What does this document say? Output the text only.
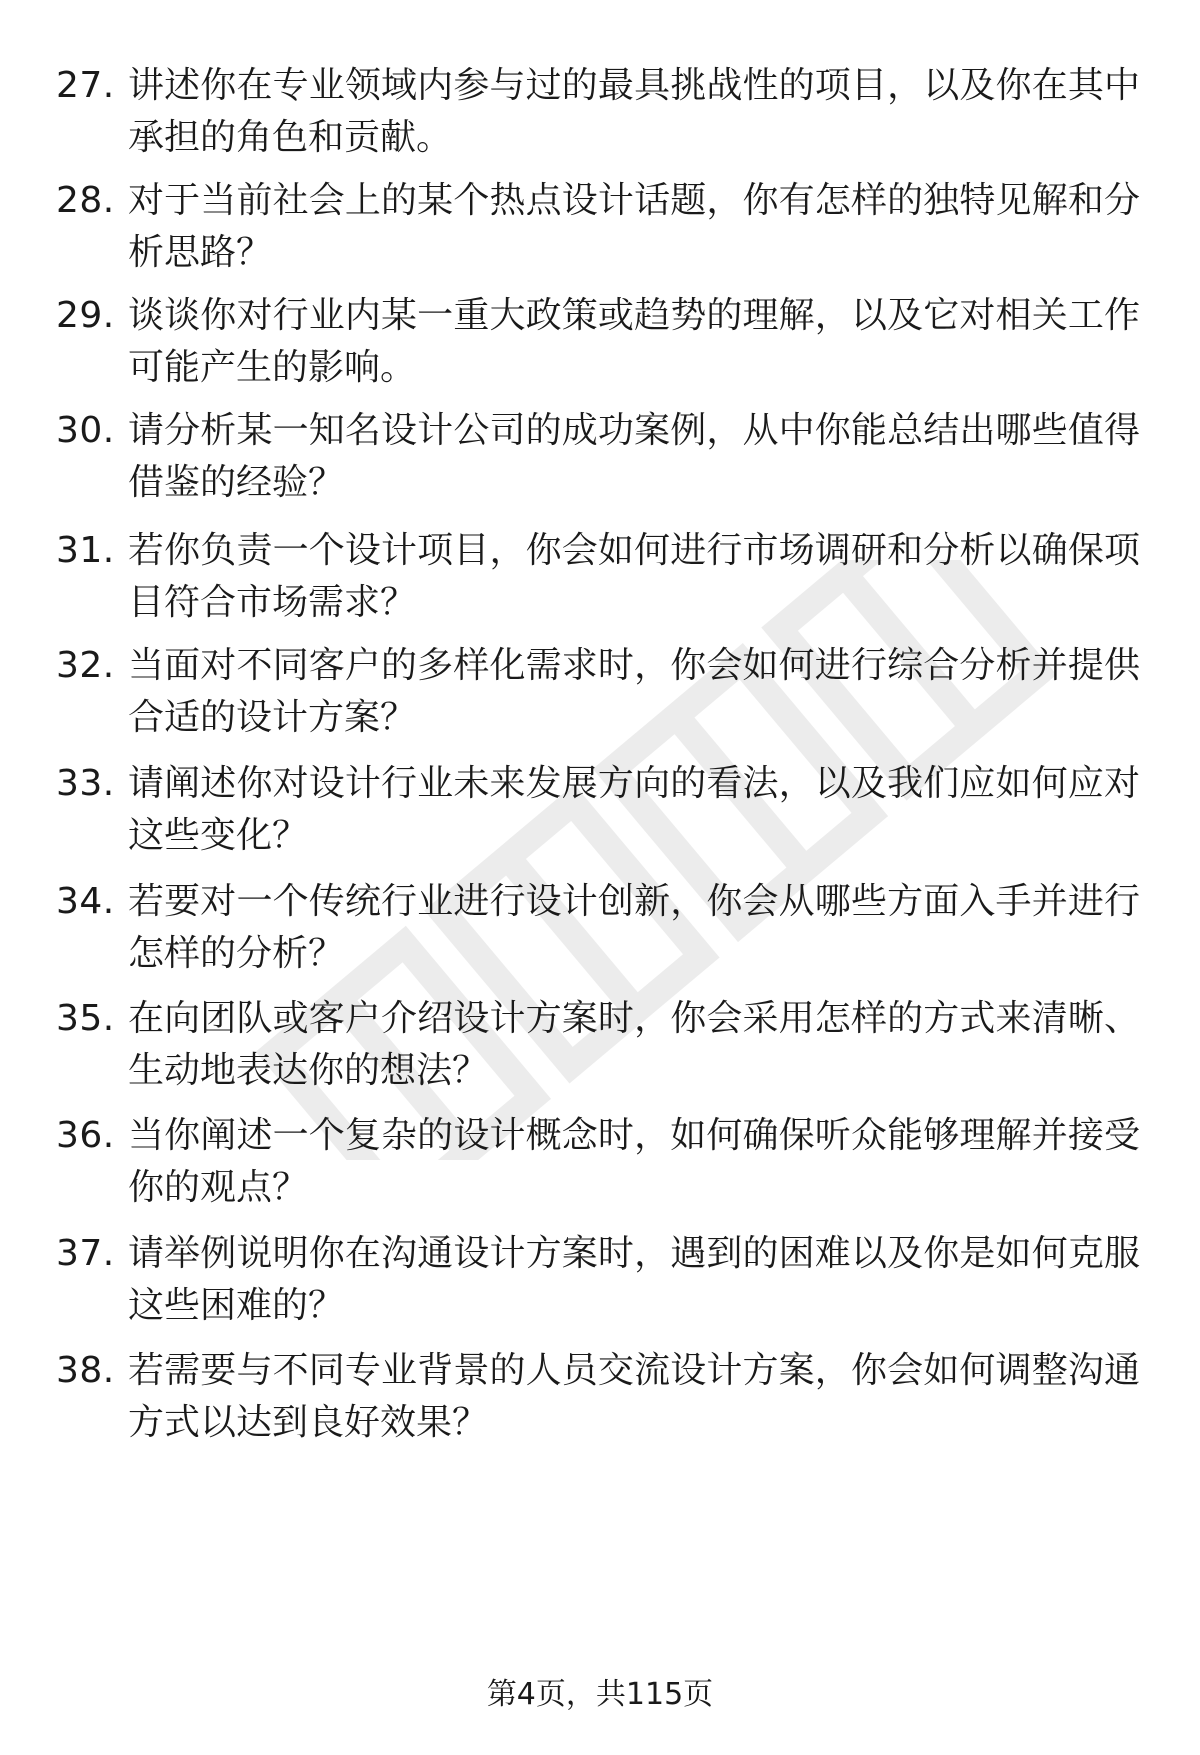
27. 讲述你在专业领域内参与过的最具挑战性的项目，以及你在其中承担的角色和贡献。
28. 对于当前社会上的某个热点设计话题，你有怎样的独特见解和分析思路？
29. 谈谈你对行业内某一重大政策或趋势的理解，以及它对相关工作可能产生的影响。
30. 请分析某一知名设计公司的成功案例，从中你能总结出哪些值得借鉴的经验？
31. 若你负责一个设计项目，你会如何进行市场调研和分析以确保项目符合市场需求？
32. 当面对不同客户的多样化需求时，你会如何进行综合分析并提供合适的设计方案？
33. 请阐述你对设计行业未来发展方向的看法，以及我们应如何应对这些变化？
34. 若要对一个传统行业进行设计创新，你会从哪些方面入手并进行怎样的分析？
35. 在向团队或客户介绍设计方案时，你会采用怎样的方式来清晰、生动地表达你的想法？
36. 当你阐述一个复杂的设计概念时，如何确保听众能够理解并接受你的观点？
37. 请举例说明你在沟通设计方案时，遇到的困难以及你是如何克服这些困难的？
38. 若需要与不同专业背景的人员交流设计方案，你会如何调整沟通方式以达到良好效果？
第4页，共115页
